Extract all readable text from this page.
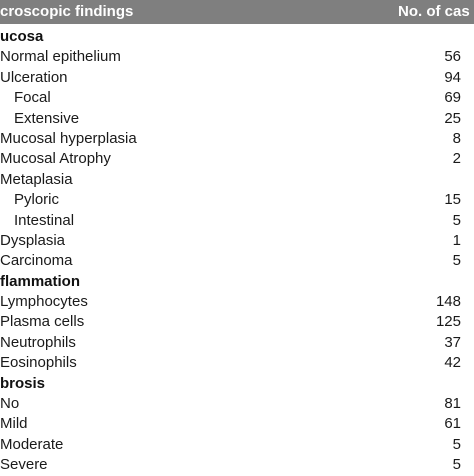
croscopic findings	No. of cas
ucosa
Normal epithelium	56
Ulceration	94
Focal	69
Extensive	25
Mucosal hyperplasia	8
Mucosal Atrophy	2
Metaplasia
Pyloric	15
Intestinal	5
Dysplasia	1
Carcinoma	5
flammation
Lymphocytes	148
Plasma cells	125
Neutrophils	37
Eosinophils	42
brosis
No	81
Mild	61
Moderate	5
Severe	5
